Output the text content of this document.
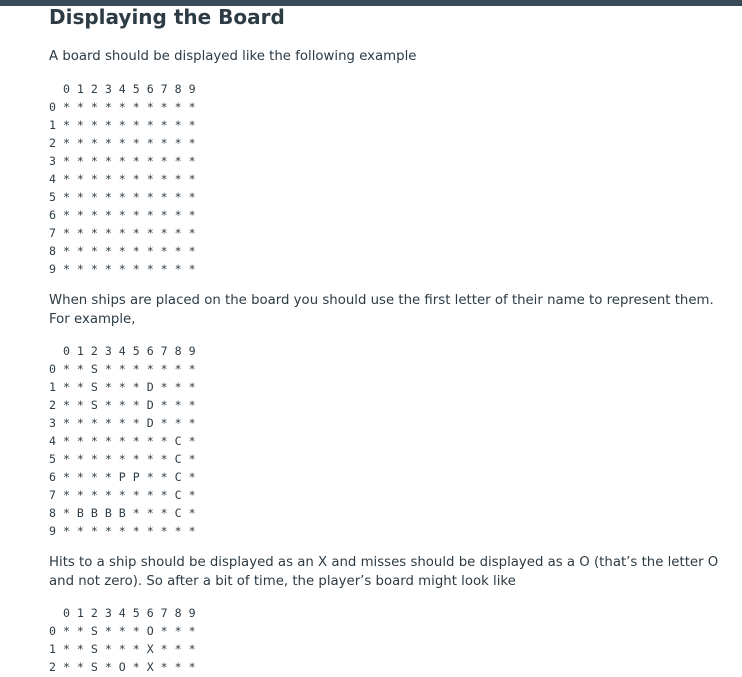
Displaying the Board

A board should be displayed like the following example

0 1 2 3 4 5 6 7 8 9
0 * * * * * * * * * *
1 * * * * * * * * * *
2 * * * * * * * * * *
3 * * * * * * * * * *
4 * * * * * * * * * *
5 * * * * * * * * * *
6 * * * * * * * * * *
7 * * * * * * * * * *
8 * * * * * * * * * *
9 * * * * * * * * * *

When ships are placed on the board you should use the first letter of their name to represent them. For example,

0 1 2 3 4 5 6 7 8 9
0 * * S * * * * * * *
1 * * S * * * D * * *
2 * * S * * * D * * *
3 * * * * * * D * * *
4 * * * * * * * * C *
5 * * * * * * * * C *
6 * * * * P P * * C *
7 * * * * * * * * C *
8 * B B B B * * * C *
9 * * * * * * * * * *

Hits to a ship should be displayed as an X and misses should be displayed as a O (that’s the letter O and not zero). So after a bit of time, the player’s board might look like

0 1 2 3 4 5 6 7 8 9
0 * * S * * * O * * *
1 * * S * * * X * * *
2 * * S * O * X * * *
